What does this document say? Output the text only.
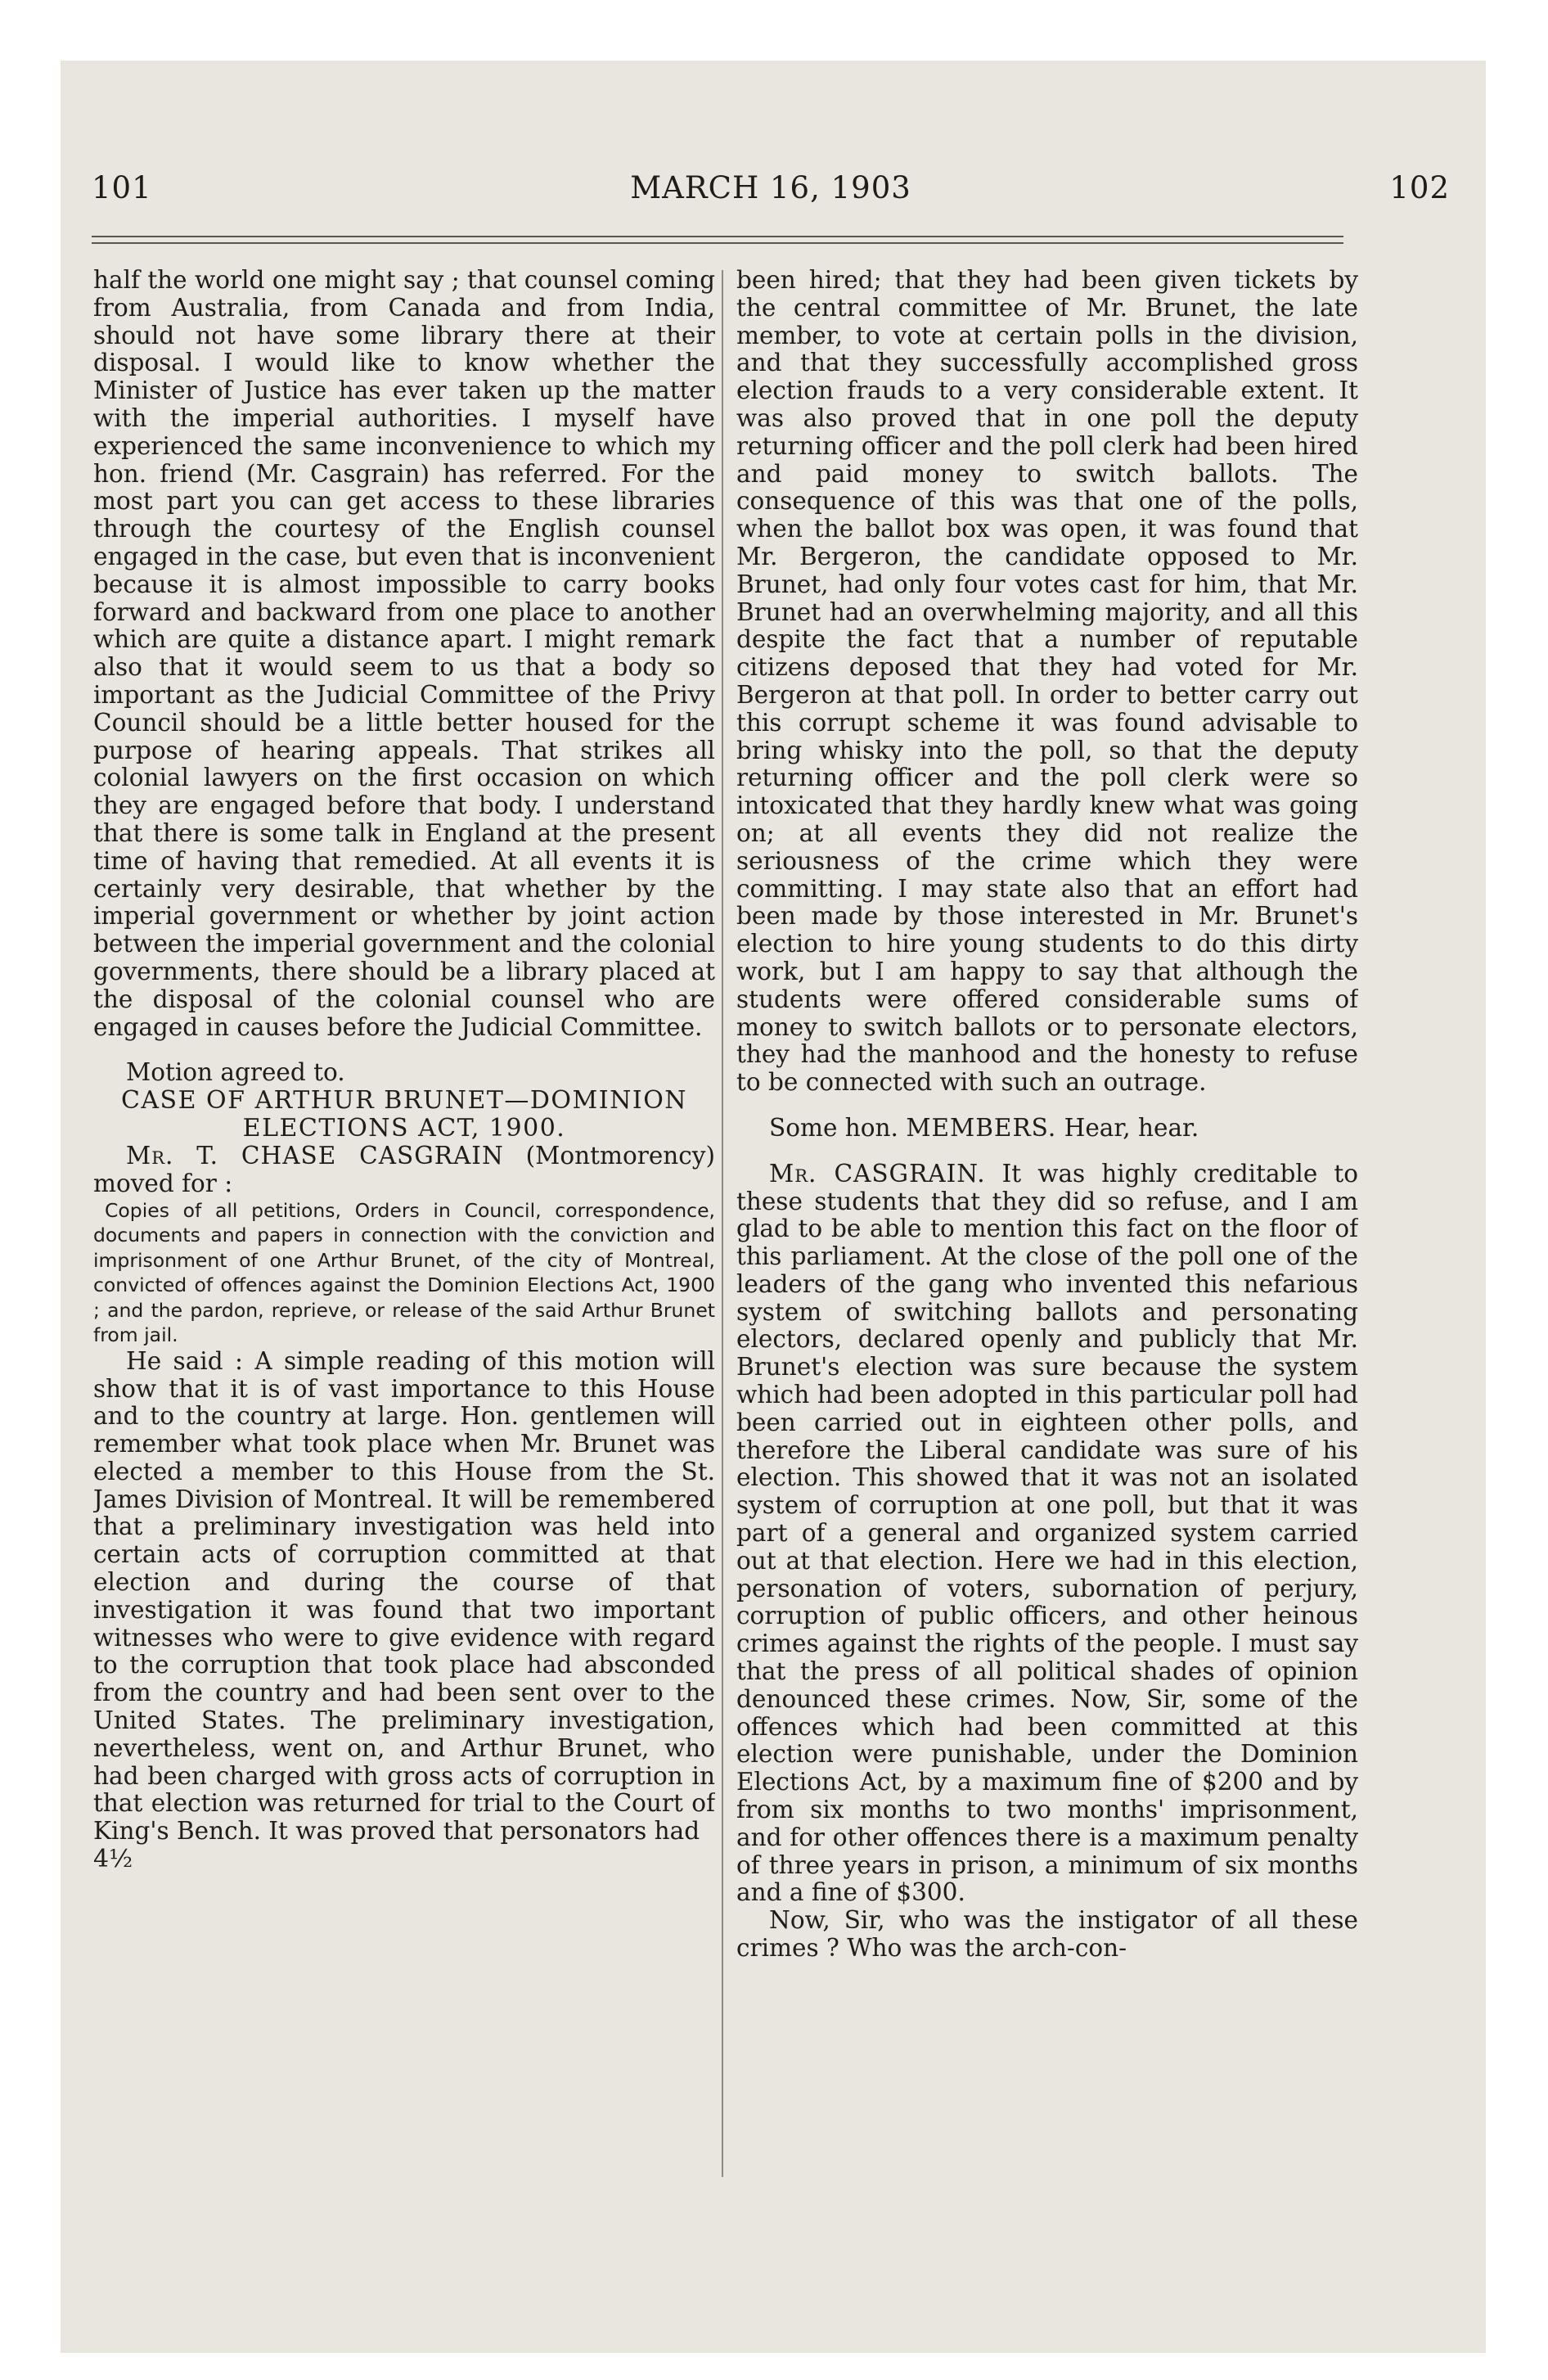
101	MARCH 16, 1903	102

half the world one might say ; that counsel coming from Australia, from Canada and from India, should not have some library there at their disposal. I would like to know whether the Minister of Justice has ever taken up the matter with the imperial authorities. I myself have experienced the same inconvenience to which my hon. friend (Mr. Casgrain) has referred. For the most part you can get access to these libraries through the courtesy of the English counsel engaged in the case, but even that is inconvenient because it is almost impossible to carry books forward and backward from one place to another which are quite a distance apart. I might remark also that it would seem to us that a body so important as the Judicial Committee of the Privy Council should be a little better housed for the purpose of hearing appeals. That strikes all colonial lawyers on the first occasion on which they are engaged before that body. I understand that there is some talk in England at the present time of having that remedied. At all events it is certainly very desirable, that whether by the imperial government or whether by joint action between the imperial government and the colonial governments, there should be a library placed at the disposal of the colonial counsel who are engaged in causes before the Judicial Committee.

Motion agreed to.

CASE OF ARTHUR BRUNET—DOMINION ELECTIONS ACT, 1900.

Mr. T. CHASE CASGRAIN (Montmorency) moved for :

Copies of all petitions, Orders in Council, correspondence, documents and papers in connection with the conviction and imprisonment of one Arthur Brunet, of the city of Montreal, convicted of offences against the Dominion Elections Act, 1900 ; and the pardon, reprieve, or release of the said Arthur Brunet from jail.

He said : A simple reading of this motion will show that it is of vast importance to this House and to the country at large. Hon. gentlemen will remember what took place when Mr. Brunet was elected a member to this House from the St. James Division of Montreal. It will be remembered that a preliminary investigation was held into certain acts of corruption committed at that election and during the course of that investigation it was found that two important witnesses who were to give evidence with regard to the corruption that took place had absconded from the country and had been sent over to the United States. The preliminary investigation, nevertheless, went on, and Arthur Brunet, who had been charged with gross acts of corruption in that election was returned for trial to the Court of King's Bench. It was proved that personators had

4½

been hired; that they had been given tickets by the central committee of Mr. Brunet, the late member, to vote at certain polls in the division, and that they successfully accomplished gross election frauds to a very considerable extent. It was also proved that in one poll the deputy returning officer and the poll clerk had been hired and paid money to switch ballots. The consequence of this was that one of the polls, when the ballot box was open, it was found that Mr. Bergeron, the candidate opposed to Mr. Brunet, had only four votes cast for him, that Mr. Brunet had an overwhelming majority, and all this despite the fact that a number of reputable citizens deposed that they had voted for Mr. Bergeron at that poll. In order to better carry out this corrupt scheme it was found advisable to bring whisky into the poll, so that the deputy returning officer and the poll clerk were so intoxicated that they hardly knew what was going on; at all events they did not realize the seriousness of the crime which they were committing. I may state also that an effort had been made by those interested in Mr. Brunet's election to hire young students to do this dirty work, but I am happy to say that although the students were offered considerable sums of money to switch ballots or to personate electors, they had the manhood and the honesty to refuse to be connected with such an outrage.

Some hon. MEMBERS. Hear, hear.

Mr. CASGRAIN. It was highly creditable to these students that they did so refuse, and I am glad to be able to mention this fact on the floor of this parliament. At the close of the poll one of the leaders of the gang who invented this nefarious system of switching ballots and personating electors, declared openly and publicly that Mr. Brunet's election was sure because the system which had been adopted in this particular poll had been carried out in eighteen other polls, and therefore the Liberal candidate was sure of his election. This showed that it was not an isolated system of corruption at one poll, but that it was part of a general and organized system carried out at that election. Here we had in this election, personation of voters, subornation of perjury, corruption of public officers, and other heinous crimes against the rights of the people. I must say that the press of all political shades of opinion denounced these crimes. Now, Sir, some of the offences which had been committed at this election were punishable, under the Dominion Elections Act, by a maximum fine of $200 and by from six months to two months' imprisonment, and for other offences there is a maximum penalty of three years in prison, a minimum of six months and a fine of $300.

Now, Sir, who was the instigator of all these crimes ? Who was the arch-con-
